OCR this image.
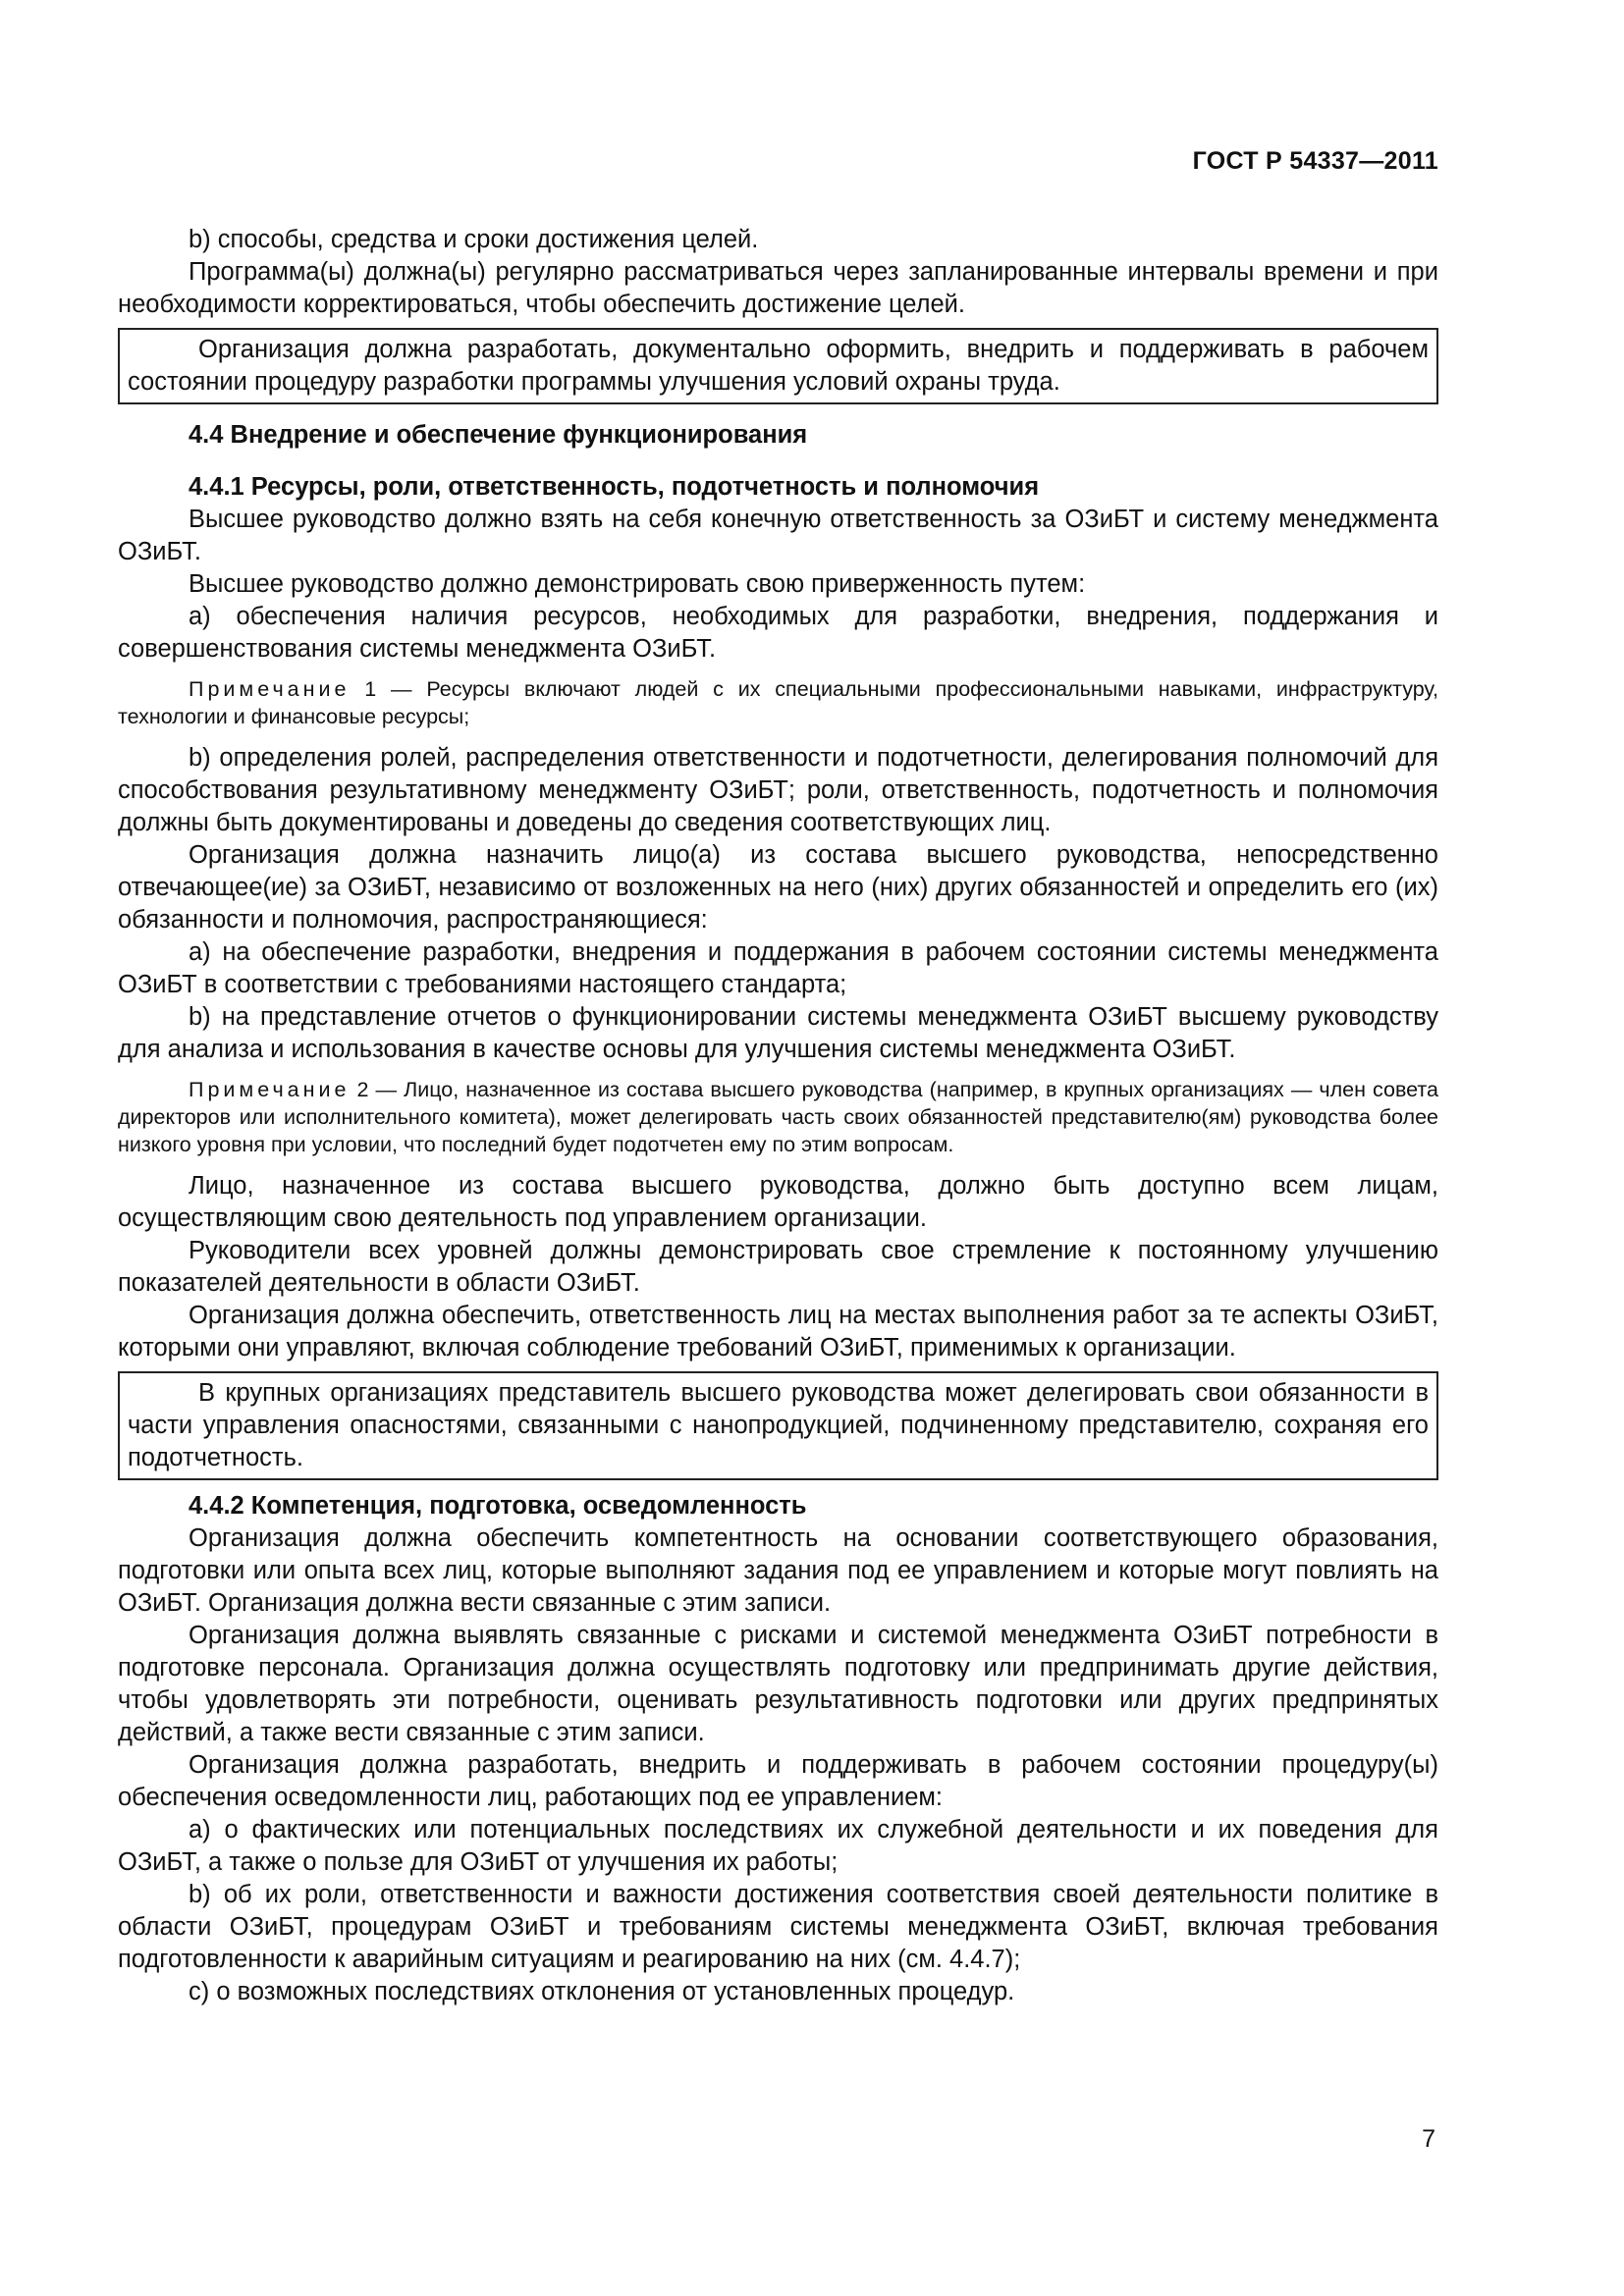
ГОСТ Р 54337—2011

b) способы, средства и сроки достижения целей.

Программа(ы) должна(ы) регулярно рассматриваться через запланированные интервалы времени и при необходимости корректироваться, чтобы обеспечить достижение целей.

Организация должна разработать, документально оформить, внедрить и поддерживать в рабочем состоянии процедуру разработки программы улучшения условий охраны труда.

4.4 Внедрение и обеспечение функционирования

4.4.1 Ресурсы, роли, ответственность, подотчетность и полномочия

Высшее руководство должно взять на себя конечную ответственность за ОЗиБТ и систему менеджмента ОЗиБТ.

Высшее руководство должно демонстрировать свою приверженность путем:

а) обеспечения наличия ресурсов, необходимых для разработки, внедрения, поддержания и совершенствования системы менеджмента ОЗиБТ.

Примечание 1 — Ресурсы включают людей с их специальными профессиональными навыками, инфраструктуру, технологии и финансовые ресурсы;

b) определения ролей, распределения ответственности и подотчетности, делегирования полномочий для способствования результативному менеджменту ОЗиБТ; роли, ответственность, подотчетность и полномочия должны быть документированы и доведены до сведения соответствующих лиц.

Организация должна назначить лицо(а) из состава высшего руководства, непосредственно отвечающее(ие) за ОЗиБТ, независимо от возложенных на него (них) других обязанностей и определить его (их) обязанности и полномочия, распространяющиеся:

а) на обеспечение разработки, внедрения и поддержания в рабочем состоянии системы менеджмента ОЗиБТ в соответствии с требованиями настоящего стандарта;

b) на представление отчетов о функционировании системы менеджмента ОЗиБТ высшему руководству для анализа и использования в качестве основы для улучшения системы менеджмента ОЗиБТ.

Примечание 2 — Лицо, назначенное из состава высшего руководства (например, в крупных организациях — член совета директоров или исполнительного комитета), может делегировать часть своих обязанностей представителю(ям) руководства более низкого уровня при условии, что последний будет подотчетен ему по этим вопросам.

Лицо, назначенное из состава высшего руководства, должно быть доступно всем лицам, осуществляющим свою деятельность под управлением организации.

Руководители всех уровней должны демонстрировать свое стремление к постоянному улучшению показателей деятельности в области ОЗиБТ.

Организация должна обеспечить, ответственность лиц на местах выполнения работ за те аспекты ОЗиБТ, которыми они управляют, включая соблюдение требований ОЗиБТ, применимых к организации.

В крупных организациях представитель высшего руководства может делегировать свои обязанности в части управления опасностями, связанными с нанопродукцией, подчиненному представителю, сохраняя его подотчетность.

4.4.2 Компетенция, подготовка, осведомленность

Организация должна обеспечить компетентность на основании соответствующего образования, подготовки или опыта всех лиц, которые выполняют задания под ее управлением и которые могут повлиять на ОЗиБТ. Организация должна вести связанные с этим записи.

Организация должна выявлять связанные с рисками и системой менеджмента ОЗиБТ потребности в подготовке персонала. Организация должна осуществлять подготовку или предпринимать другие действия, чтобы удовлетворять эти потребности, оценивать результативность подготовки или других предпринятых действий, а также вести связанные с этим записи.

Организация должна разработать, внедрить и поддерживать в рабочем состоянии процедуру(ы) обеспечения осведомленности лиц, работающих под ее управлением:

а) о фактических или потенциальных последствиях их служебной деятельности и их поведения для ОЗиБТ, а также о пользе для ОЗиБТ от улучшения их работы;

b) об их роли, ответственности и важности достижения соответствия своей деятельности политике в области ОЗиБТ, процедурам ОЗиБТ и требованиям системы менеджмента ОЗиБТ, включая требования подготовленности к аварийным ситуациям и реагированию на них (см. 4.4.7);

с) о возможных последствиях отклонения от установленных процедур.

7
